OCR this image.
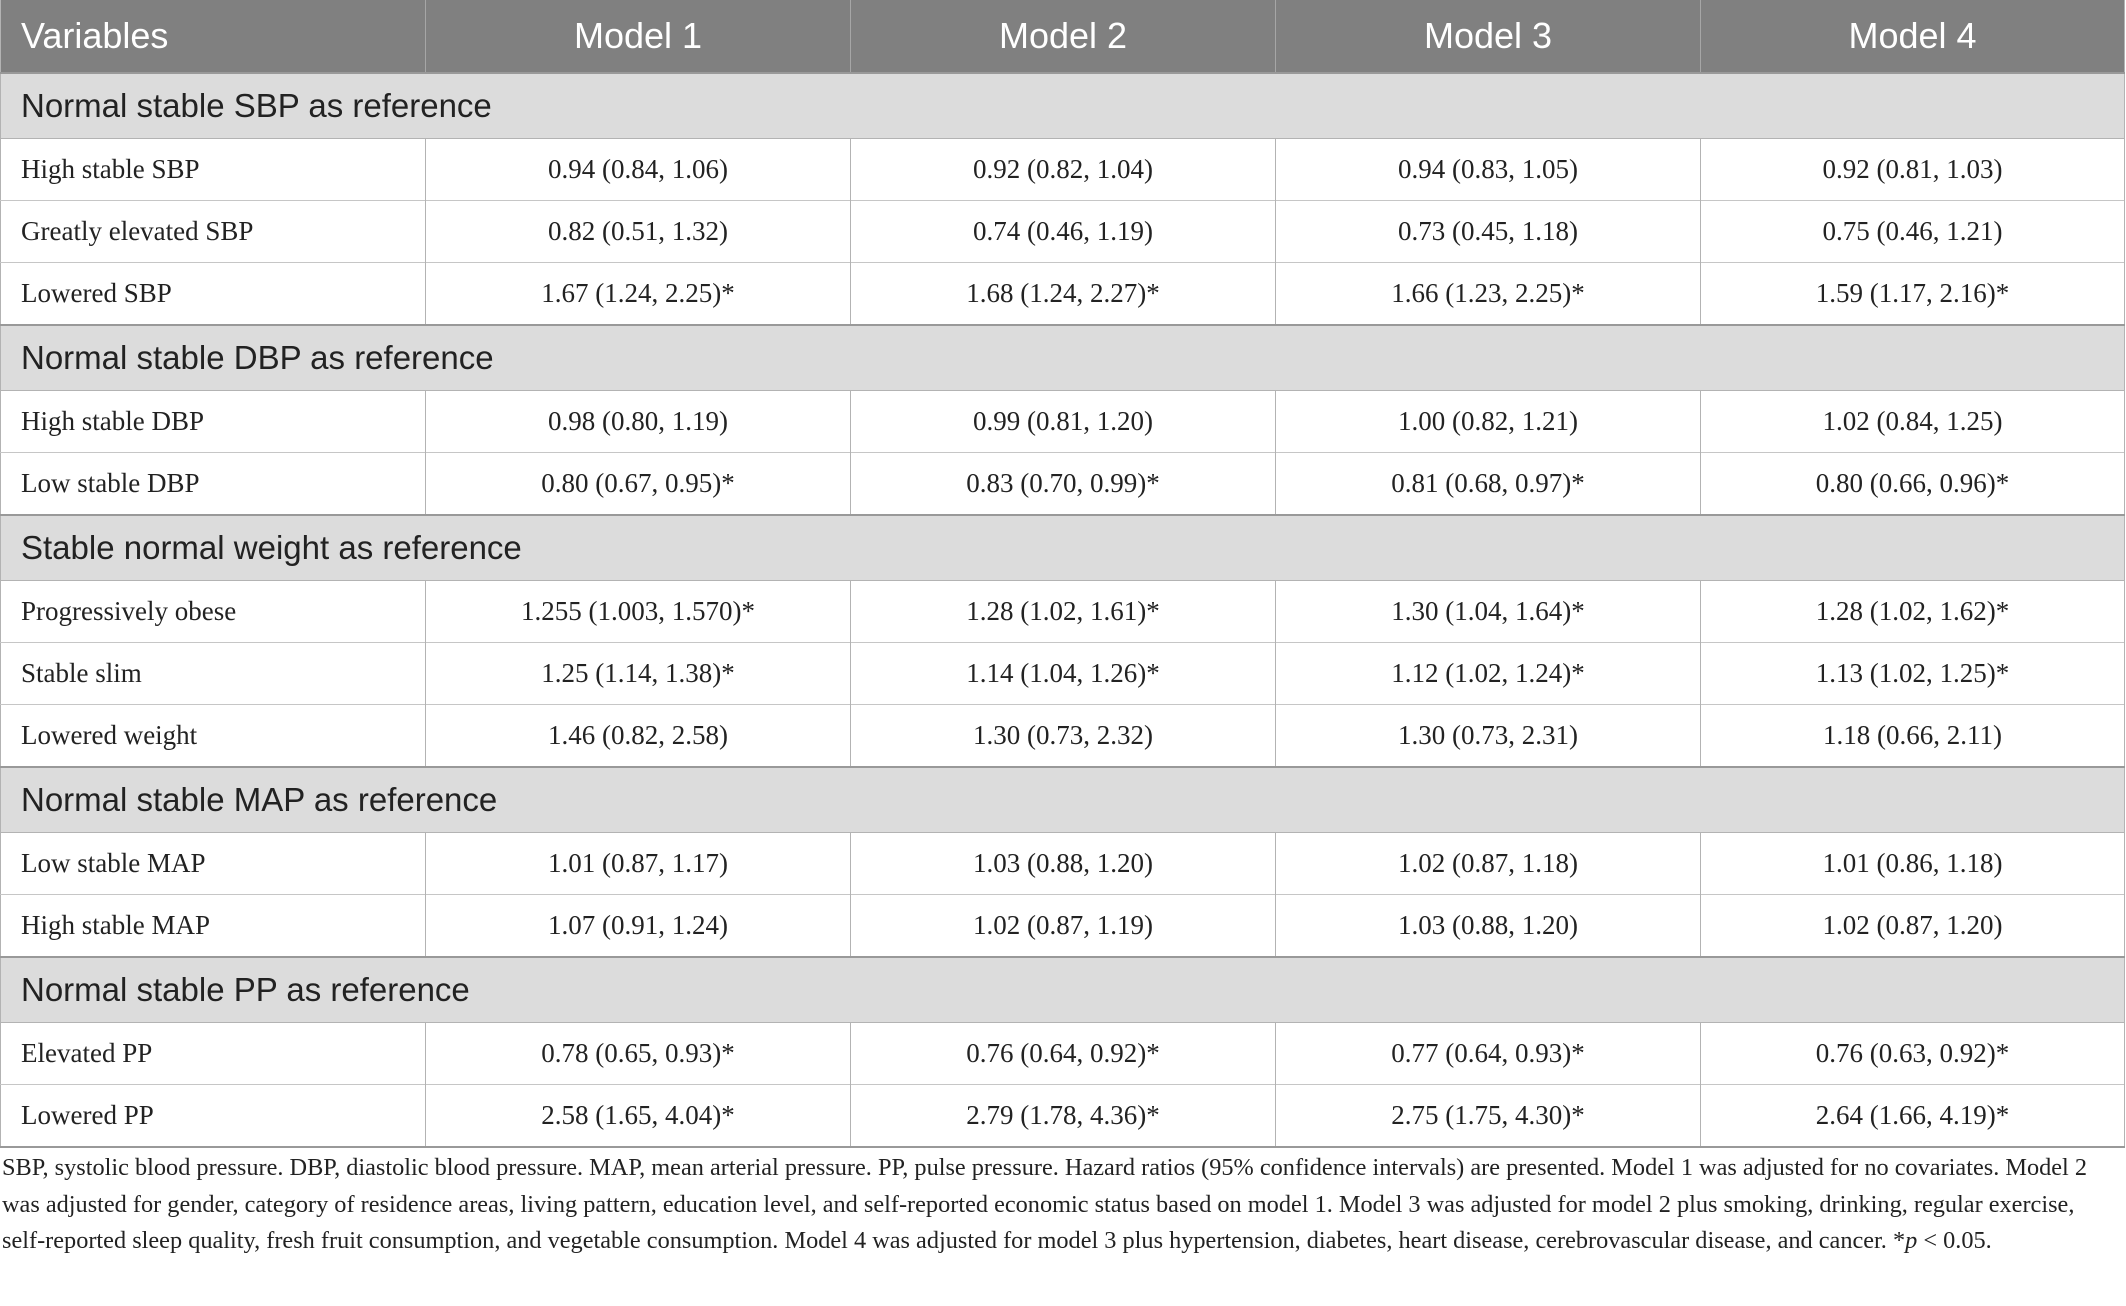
Variables	Model 1	Model 2	Model 3	Model 4
Normal stable SBP as reference				
High stable SBP	0.94 (0.84, 1.06)	0.92 (0.82, 1.04)	0.94 (0.83, 1.05)	0.92 (0.81, 1.03)
Greatly elevated SBP	0.82 (0.51, 1.32)	0.74 (0.46, 1.19)	0.73 (0.45, 1.18)	0.75 (0.46, 1.21)
Lowered SBP	1.67 (1.24, 2.25)*	1.68 (1.24, 2.27)*	1.66 (1.23, 2.25)*	1.59 (1.17, 2.16)*
Normal stable DBP as reference				
High stable DBP	0.98 (0.80, 1.19)	0.99 (0.81, 1.20)	1.00 (0.82, 1.21)	1.02 (0.84, 1.25)
Low stable DBP	0.80 (0.67, 0.95)*	0.83 (0.70, 0.99)*	0.81 (0.68, 0.97)*	0.80 (0.66, 0.96)*
Stable normal weight as reference				
Progressively obese	1.255 (1.003, 1.570)*	1.28 (1.02, 1.61)*	1.30 (1.04, 1.64)*	1.28 (1.02, 1.62)*
Stable slim	1.25 (1.14, 1.38)*	1.14 (1.04, 1.26)*	1.12 (1.02, 1.24)*	1.13 (1.02, 1.25)*
Lowered weight	1.46 (0.82, 2.58)	1.30 (0.73, 2.32)	1.30 (0.73, 2.31)	1.18 (0.66, 2.11)
Normal stable MAP as reference				
Low stable MAP	1.01 (0.87, 1.17)	1.03 (0.88, 1.20)	1.02 (0.87, 1.18)	1.01 (0.86, 1.18)
High stable MAP	1.07 (0.91, 1.24)	1.02 (0.87, 1.19)	1.03 (0.88, 1.20)	1.02 (0.87, 1.20)
Normal stable PP as reference				
Elevated PP	0.78 (0.65, 0.93)*	0.76 (0.64, 0.92)*	0.77 (0.64, 0.93)*	0.76 (0.63, 0.92)*
Lowered PP	2.58 (1.65, 4.04)*	2.79 (1.78, 4.36)*	2.75 (1.75, 4.30)*	2.64 (1.66, 4.19)*

SBP, systolic blood pressure. DBP, diastolic blood pressure. MAP, mean arterial pressure. PP, pulse pressure. Hazard ratios (95% confidence intervals) are presented. Model 1 was adjusted for no covariates. Model 2 was adjusted for gender, category of residence areas, living pattern, education level, and self-reported economic status based on model 1. Model 3 was adjusted for model 2 plus smoking, drinking, regular exercise, self-reported sleep quality, fresh fruit consumption, and vegetable consumption. Model 4 was adjusted for model 3 plus hypertension, diabetes, heart disease, cerebrovascular disease, and cancer. *p < 0.05.
